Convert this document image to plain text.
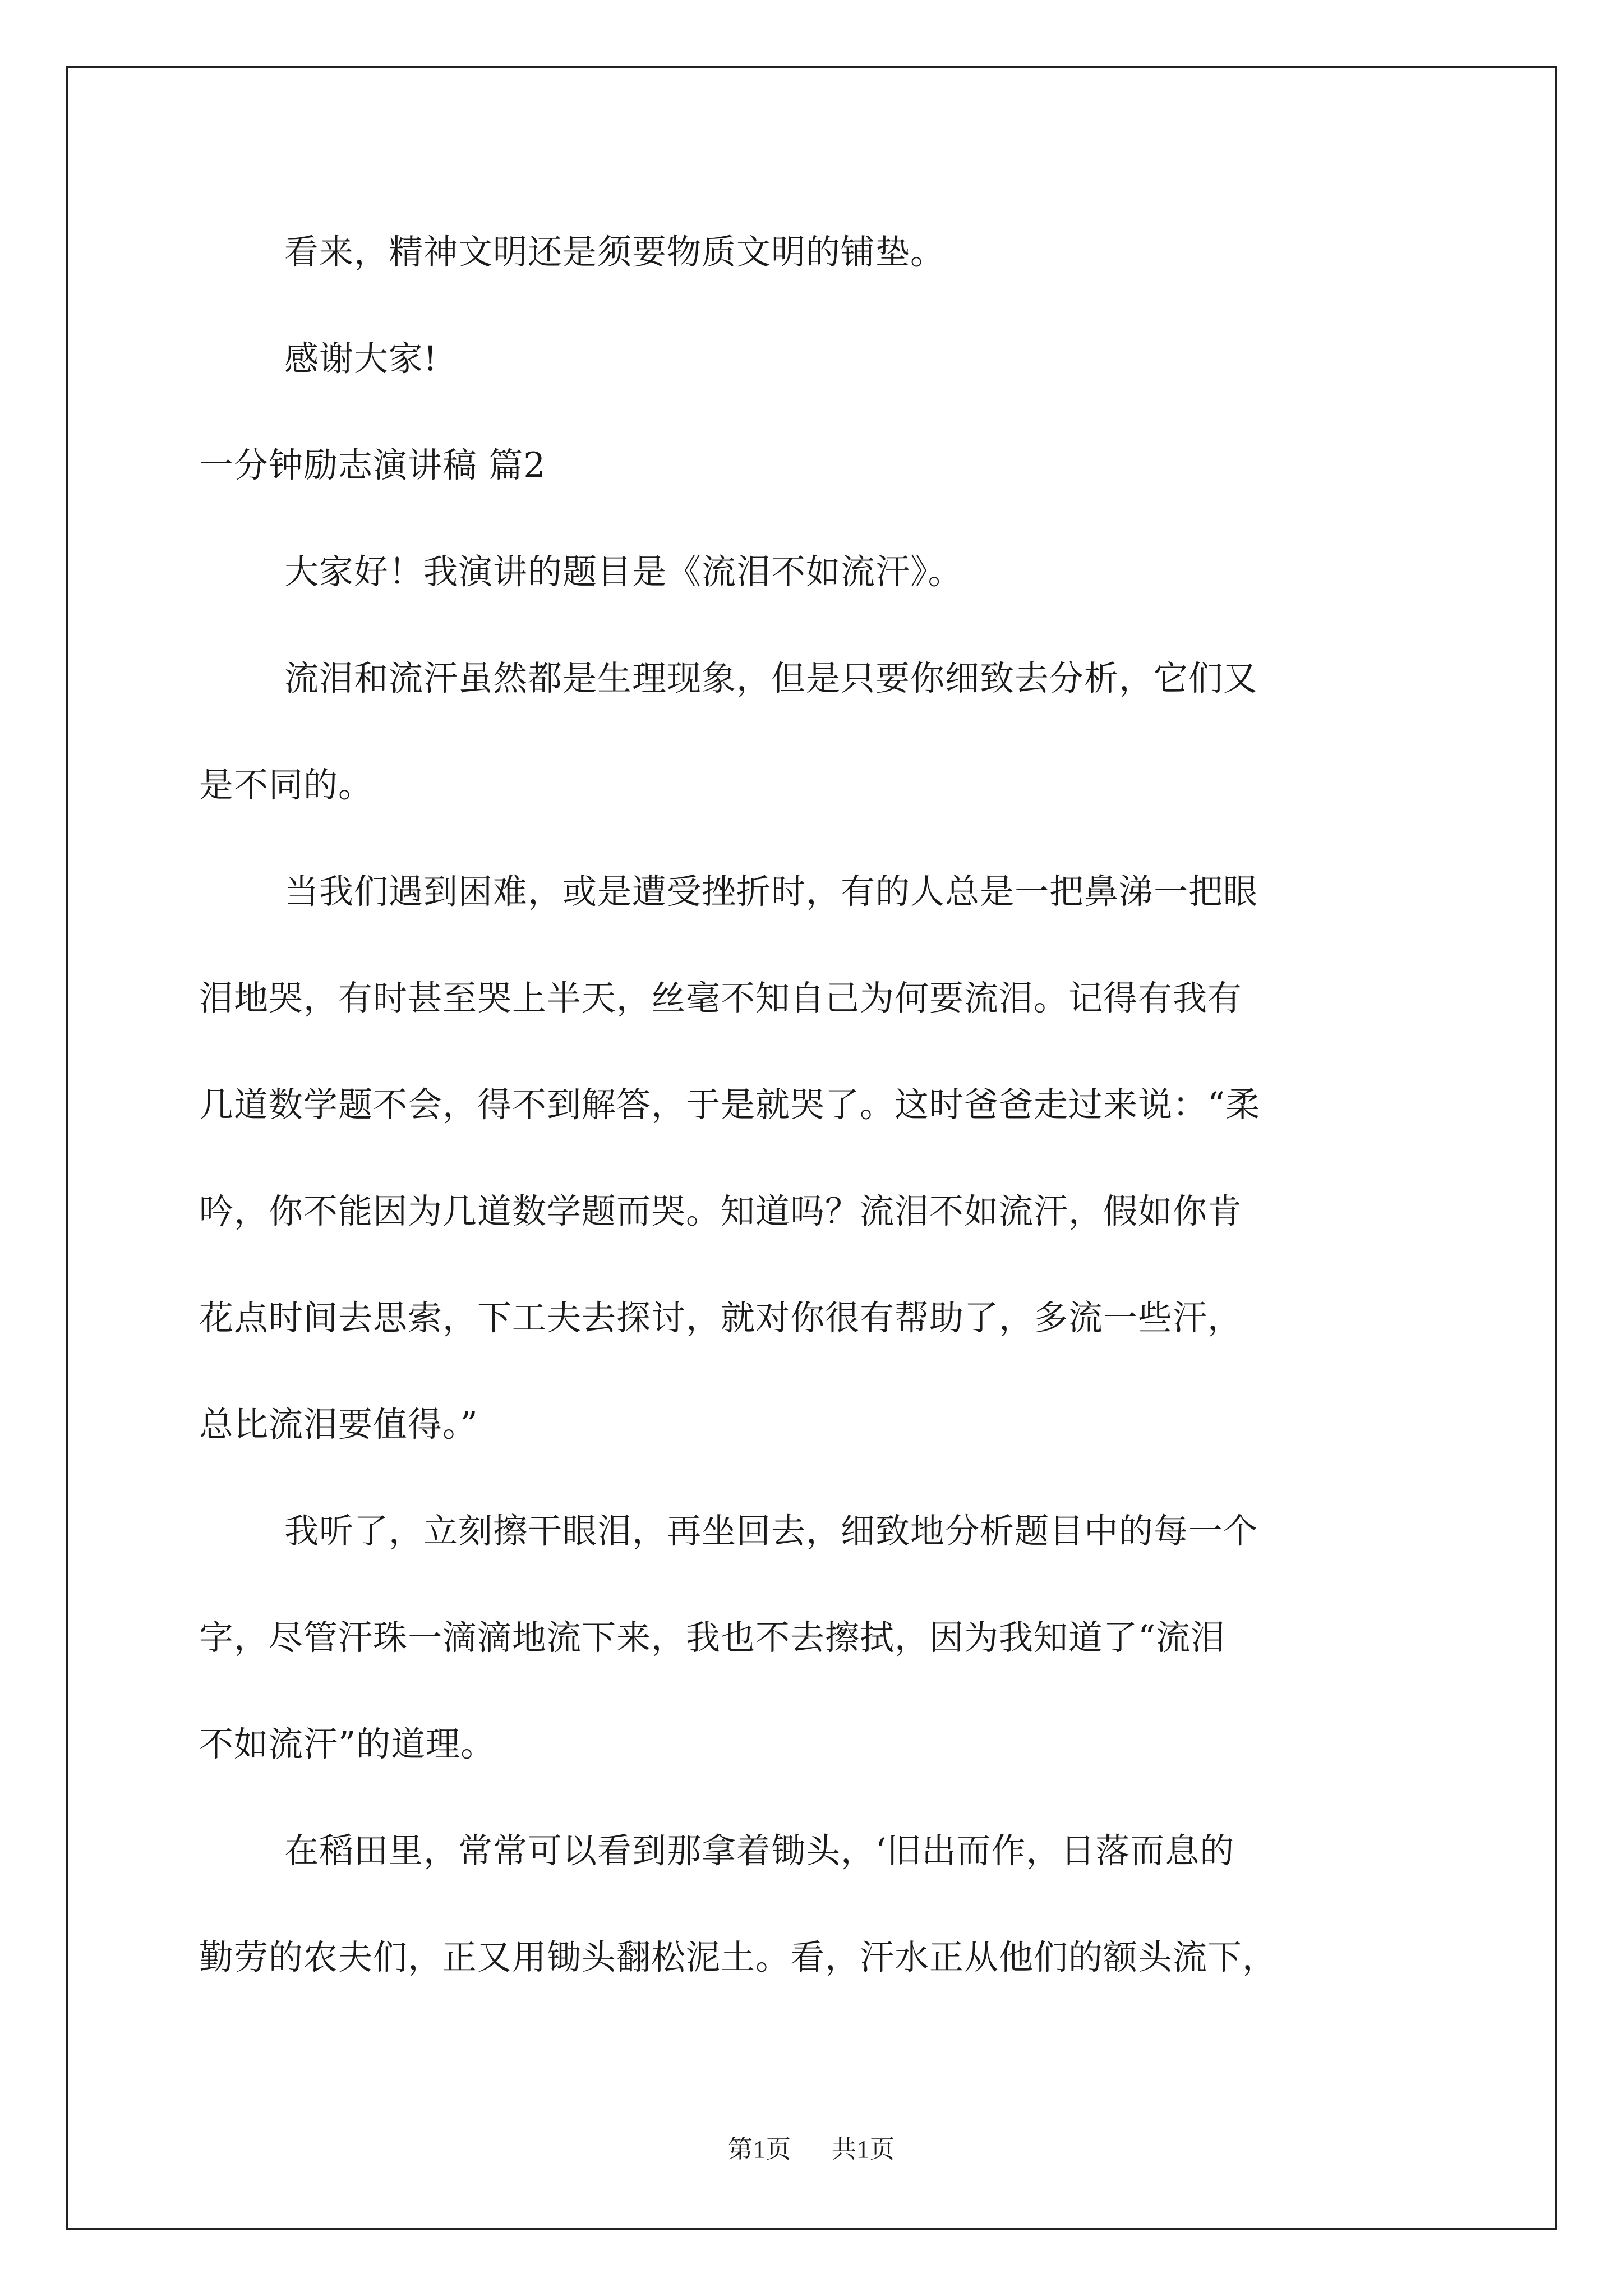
看来，精神文明还是须要物质文明的铺垫。
感谢大家!
一分钟励志演讲稿 篇2
大家好！我演讲的题目是《流泪不如流汗》。
流泪和流汗虽然都是生理现象，但是只要你细致去分析，它们又
是不同的。
当我们遇到困难，或是遭受挫折时，有的人总是一把鼻涕一把眼
泪地哭，有时甚至哭上半天，丝毫不知自己为何要流泪。记得有我有
几道数学题不会，得不到解答，于是就哭了。这时爸爸走过来说：“柔
吟，你不能因为几道数学题而哭。知道吗？流泪不如流汗，假如你肯
花点时间去思索，下工夫去探讨，就对你很有帮助了，多流一些汗，
总比流泪要值得。”
我听了，立刻擦干眼泪，再坐回去，细致地分析题目中的每一个
字，尽管汗珠一滴滴地流下来，我也不去擦拭，因为我知道了“流泪
不如流汗”的道理。
在稻田里，常常可以看到那拿着锄头，‘旧出而作，日落而息的
勤劳的农夫们，正又用锄头翻松泥土。看，汗水正从他们的额头流下，
第1页 共1页
